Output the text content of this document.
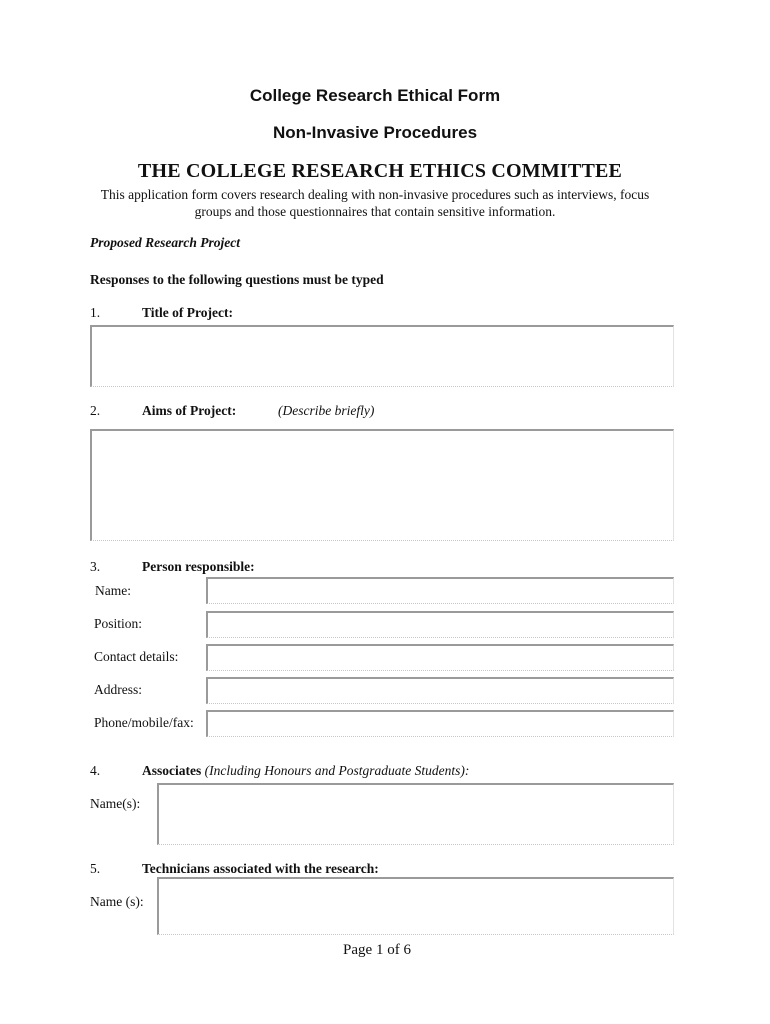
College Research Ethical Form
Non-Invasive Procedures
THE COLLEGE RESEARCH ETHICS COMMITTEE
This application form covers research dealing with non-invasive procedures such as interviews, focus
groups and those questionnaires that contain sensitive information.
Proposed Research Project
Responses to the following questions must be typed
1.	Title of Project:
2.	Aims of Project:	(Describe briefly)
3.	Person responsible:
Name:
Position:
Contact details:
Address:
Phone/mobile/fax:
4.	Associates (Including Honours and Postgraduate Students):
Name(s):
5.	Technicians associated with the research:
Name (s):
Page 1 of 6
